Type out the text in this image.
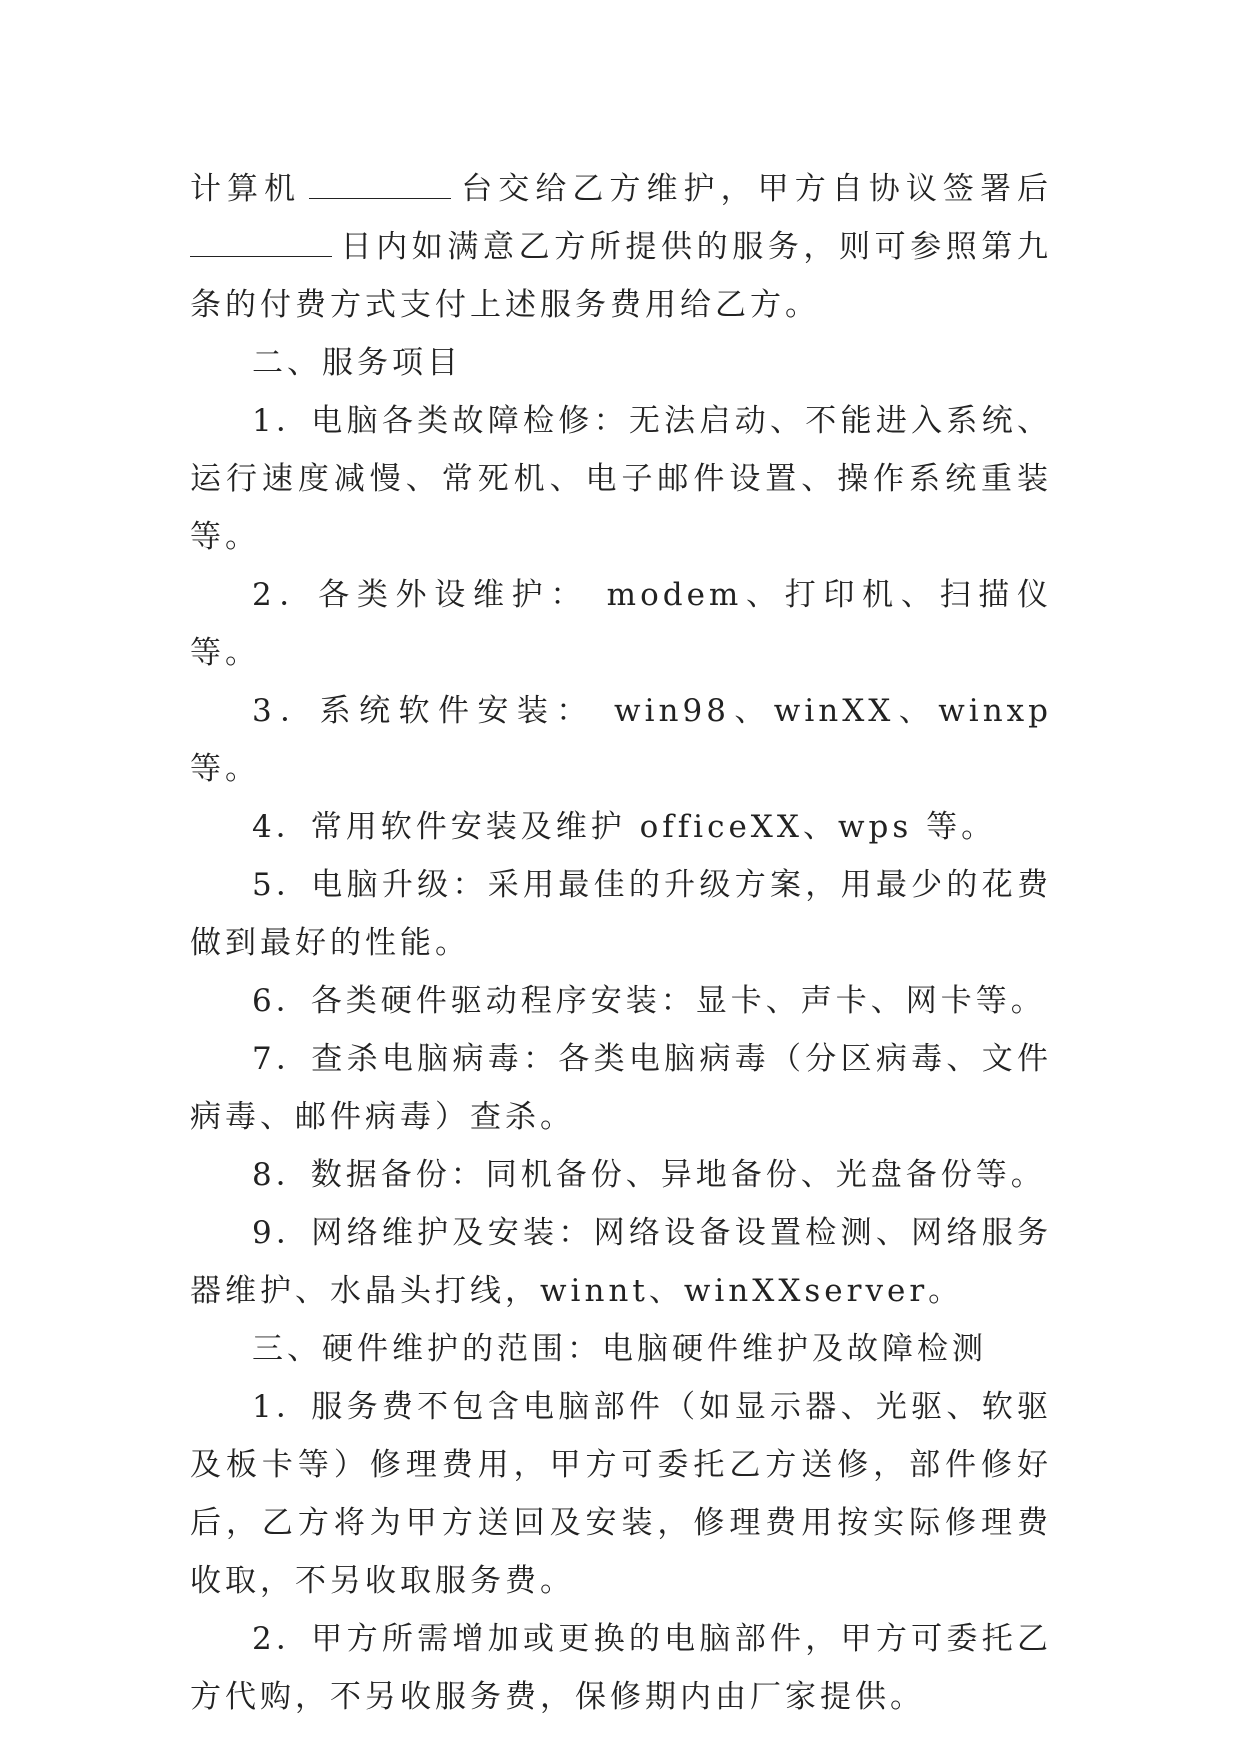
计算机	台交给乙方维护，甲方自协议签署后日内如满意乙方所提供的服务，则可参照第九条的付费方式支付上述服务费用给乙方。

二、服务项目

1．电脑各类故障检修：无法启动、不能进入系统、运行速度减慢、常死机、电子邮件设置、操作系统重装等。

2．各类外设维护： modem、打印机、扫描仪等。

3．系统软件安装： win98、winXX、winxp 等。

4．常用软件安装及维护 officeXX、wps 等。

5．电脑升级：采用最佳的升级方案，用最少的花费做到最好的性能。

6．各类硬件驱动程序安装：显卡、声卡、网卡等。

7．查杀电脑病毒：各类电脑病毒（分区病毒、文件病毒、邮件病毒）查杀。

8．数据备份：同机备份、异地备份、光盘备份等。

9．网络维护及安装：网络设备设置检测、网络服务器维护、水晶头打线，winnt、winXXserver。

三、硬件维护的范围：电脑硬件维护及故障检测

1．服务费不包含电脑部件（如显示器、光驱、软驱及板卡等）修理费用，甲方可委托乙方送修，部件修好后，乙方将为甲方送回及安装，修理费用按实际修理费收取，不另收取服务费。

2．甲方所需增加或更换的电脑部件，甲方可委托乙方代购，不另收服务费，保修期内由厂家提供。
